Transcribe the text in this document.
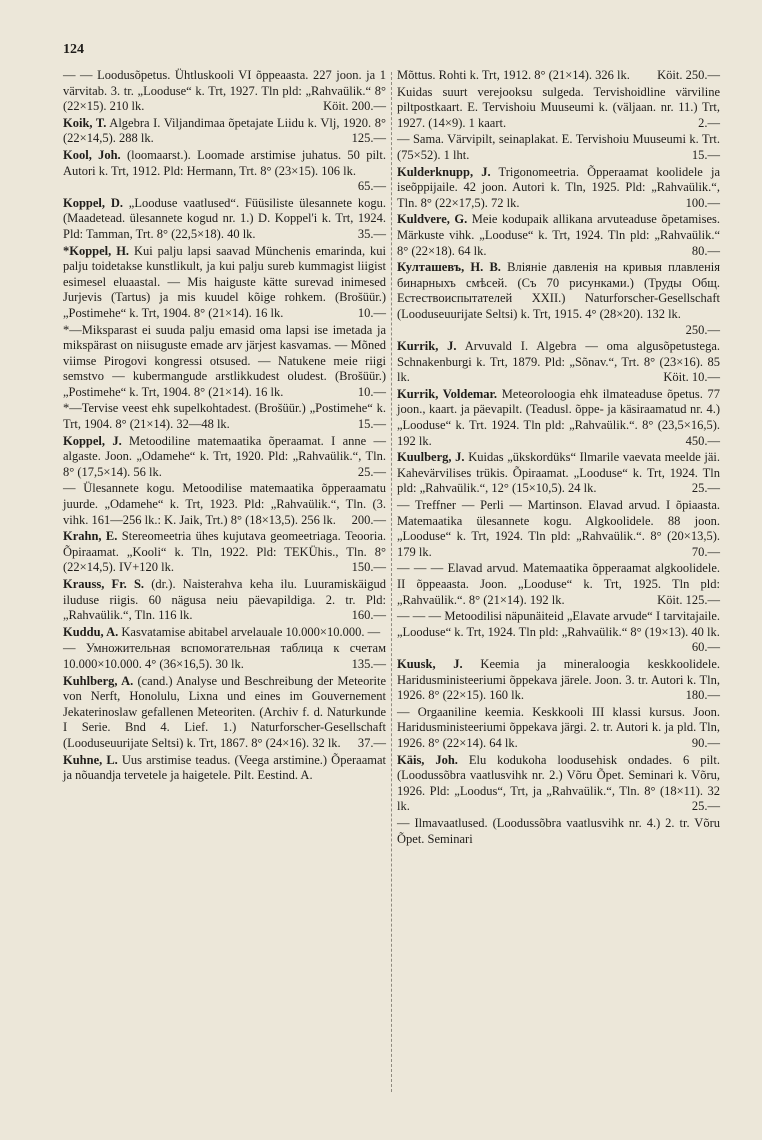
124

— — Loodusõpetus. Ühtluskooli VI õppeaasta. 227 joon. ja 1 värvitab. 3. tr. „Looduse“ k. Trt, 1927. Tln pld: „Rahvaülik.“ 8° (22×15). 210 lk.	Köit. 200.—

Koik, T. Algebra I. Viljandimaa õpetajate Liidu k. Vlj, 1920. 8° (22×14,5). 288 lk.	125.—

Kool, Joh. (loomaarst.). Loomade arstimise juhatus. 50 pilt. Autori k. Trt, 1912. Pld: Hermann, Trt. 8° (23×15). 106 lk.
65.—

Koppel, D. „Looduse vaatlused“. Füüsiliste ülesannete kogu. (Maadetead. ülesannete kogud nr. 1.) D. Koppel'i k. Trt, 1924. Pld: Tamman, Trt. 8° (22,5×18). 40 lk.	35.—

*Koppel, H. Kui palju lapsi saavad Münchenis emarinda, kui palju toidetakse kunstlikult, ja kui palju sureb kummagist liigist esimesel eluaastal. — Mis haiguste kätte surevad inimesed Jurjevis (Tartus) ja mis kuudel kõige rohkem. (Brošüür.) „Postimehe“ k. Trt, 1904. 8° (21×14). 16 lk.	10.—

*—Miksparast ei suuda palju emasid oma lapsi ise imetada ja mikspärast on niisuguste emade arv järjest kasvamas. — Mõned viimse Pirogovi kongressi otsused. — Natukene meie riigi semstvo — kubermangude arstlikkudest oludest. (Brošüür.) „Postimehe“ k. Trt, 1904. 8° (21×14). 16 lk.	10.—

*—Tervise veest ehk supelkohtadest. (Brošüür.) „Postimehe“ k. Trt, 1904. 8° (21×14). 32—48 lk.	15.—

Koppel, J. Metoodiline matemaatika õperaamat. I anne — algaste. Joon. „Odamehe“ k. Trt, 1920. Pld: „Rahvaülik.“, Tln. 8° (17,5×14). 56 lk.	25.—

— Ülesannete kogu. Metoodilise matemaatika õpperaamatu juurde. „Odamehe“ k. Trt, 1923. Pld: „Rahvaülik.“, Tln. (3. vihk. 161—256 lk.: K. Jaik, Trt.) 8° (18×13,5). 256 lk.	200.—

Krahn, E. Stereomeetria ühes kujutava geomeetriaga. Teooria. Õpiraamat. „Kooli“ k. Tln, 1922. Pld: TEKÜhis., Tln. 8° (22×14,5). IV+120 lk.	150.—

Krauss, Fr. S. (dr.). Naisterahva keha ilu. Luuramiskäigud iluduse riigis. 60 nägusa neiu päevapildiga. 2. tr. Pld: „Rahvaülik.“, Tln. 116 lk.	160.—

Kuddu, A. Kasvatamise abitabel arvelauale 10.000×10.000. —

— Умножительная вспомогательная таблица к счетам 10.000×10.000. 4° (36×16,5). 30 lk.	135.—

Kuhlberg, A. (cand.) Analyse und Beschreibung der Meteorite von Nerft, Honolulu, Lixna und eines im Gouvernement Jekaterinoslaw gefallenen Meteoriten. (Archiv f. d. Naturkunde I Serie. Bnd 4. Lief. 1.) Naturforscher-Gesellschaft (Looduseuurijate Seltsi) k. Trt, 1867. 8° (24×16). 32 lk.	37.—

Kuhne, L. Uus arstimise teadus. (Veega arstimine.) Õperaamat ja nõuandja tervetele ja haigetele. Pilt. Eestind. A.

Mõttus. Rohti k. Trt, 1912. 8° (21×14). 326 lk.	Köit. 250.—

Kuidas suurt verejooksu sulgeda. Tervishoidline värviline piltpostkaart. E. Tervishoiu Muuseumi k. (väljaan. nr. 11.) Trt, 1927. (14×9). 1 kaart.	2.—

— Sama. Värvipilt, seinaplakat. E. Tervishoiu Muuseumi k. Trt. (75×52). 1 lht.	15.—

Kulderknupp, J. Trigonomeetria. Õpperaamat koolidele ja iseõppijaile. 42 joon. Autori k. Tln, 1925. Pld: „Rahvaülik.“, Tln. 8° (22×17,5). 72 lk.	100.—

Kuldvere, G. Meie kodupaik allikana arvuteaduse õpetamises. Märkuste vihk. „Looduse“ k. Trt, 1924. Tln pld: „Rahvaülik.“ 8° (22×18). 64 lk.	80.—

Култашевъ, Н. В. Вліяніе давленія на кривыя плавленія бинарныхъ смѣсей. (Съ 70 рисунками.) (Труды Общ. Естествоиспытателей XXII.) Naturforscher-Gesellschaft (Looduseuurijate Seltsi) k. Trt, 1915. 4° (28×20). 132 lk.
250.—

Kurrik, J. Arvuvald I. Algebra — oma algusõpetustega. Schnakenburgi k. Trt, 1879. Pld: „Sõnav.“, Trt. 8° (23×16). 85 lk.	Köit. 10.—

Kurrik, Voldemar. Meteoroloogia ehk ilmateaduse õpetus. 77 joon., kaart. ja päevapilt. (Teadusl. õppe- ja käsiraamatud nr. 4.) „Looduse“ k. Trt. 1924. Tln pld: „Rahvaülik.“. 8° (23,5×16,5). 192 lk.	450.—

Kuulberg, J. Kuidas „ükskordüks“ Ilmarile vaevata meelde jäi. Kahevärvilises trükis. Õpiraamat. „Looduse“ k. Trt, 1924. Tln pld: „Rahvaülik.“, 12° (15×10,5). 24 lk.	25.—

— Treffner — Perli — Martinson. Elavad arvud. I õpiaasta. Matemaatika ülesannete kogu. Algkoolidele. 88 joon. „Looduse“ k. Trt, 1924. Tln pld: „Rahvaülik.“. 8° (20×13,5). 179 lk.	70.—

— — — Elavad arvud. Matemaatika õpperaamat algkoolidele. II õppeaasta. Joon. „Looduse“ k. Trt, 1925. Tln pld: „Rahvaülik.“. 8° (21×14). 192 lk.	Köit. 125.—

— — — Metoodilisi näpunäiteid „Elavate arvude“ I tarvitajaile. „Looduse“ k. Trt, 1924. Tln pld: „Rahvaülik.“ 8° (19×13). 40 lk.
60.—

Kuusk, J. Keemia ja mineraloogia keskkoolidele. Haridusministeeriumi õppekava järele. Joon. 3. tr. Autori k. Tln, 1926. 8° (22×15). 160 lk.	180.—

— Orgaaniline keemia. Keskkooli III klassi kursus. Joon. Haridusministeeriumi õppekava järgi. 2. tr. Autori k. ja pld. Tln, 1926. 8° (22×14). 64 lk.	90.—

Käis, Joh. Elu kodukoha loodusehisk ondades. 6 pilt. (Loodussõbra vaatlusvihk nr. 2.) Võru Õpet. Seminari k. Võru, 1926. Pld: „Loodus“, Trt, ja „Rahvaülik.“, Tln. 8° (18×11). 32 lk.	25.—

— Ilmavaatlused. (Loodussõbra vaatlusvihk nr. 4.) 2. tr. Võru Õpet. Seminari
